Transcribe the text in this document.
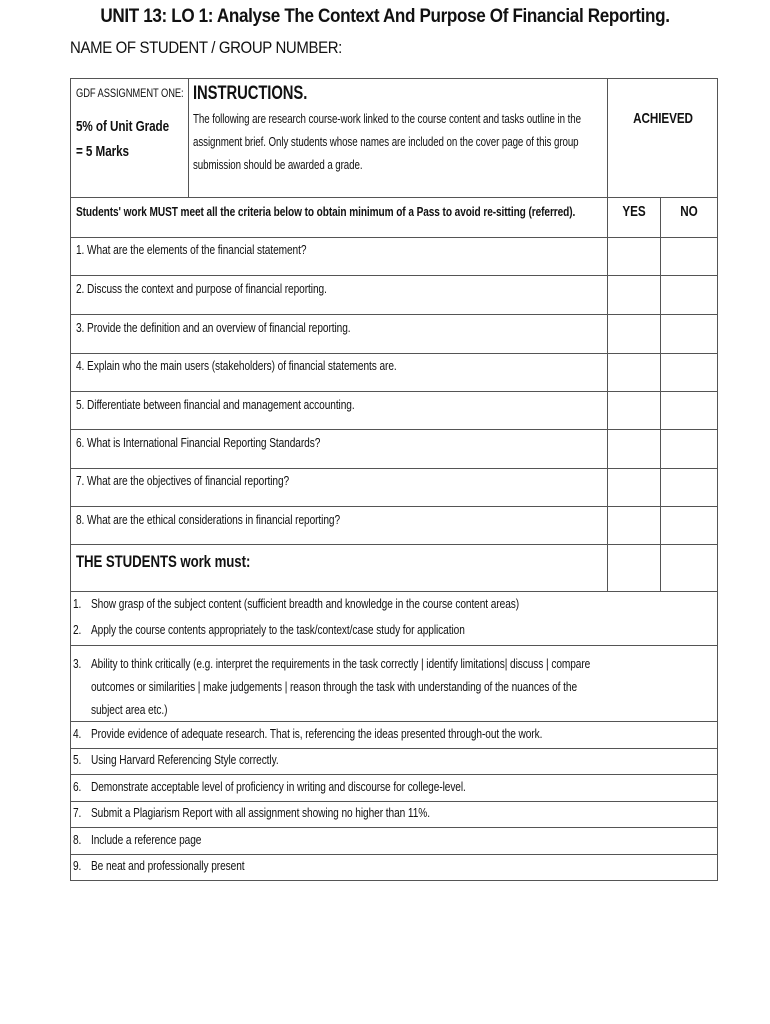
UNIT 13: LO 1: Analyse The Context And Purpose Of Financial Reporting.
NAME OF STUDENT / GROUP NUMBER:
GDF ASSIGNMENT ONE:
5% of Unit Grade
= 5 Marks
INSTRUCTIONS.
The following are research course-work linked to the course content and tasks outline in the
assignment brief. Only students whose names are included on the cover page of this group
submission should be awarded a grade.
ACHIEVED
Students' work MUST meet all the criteria below to obtain minimum of a Pass to avoid re-sitting (referred).	YES	NO
1. What are the elements of the financial statement?
2. Discuss the context and purpose of financial reporting.
3. Provide the definition and an overview of financial reporting.
4. Explain who the main users (stakeholders) of financial statements are.
5. Differentiate between financial and management accounting.
6. What is International Financial Reporting Standards?
7. What are the objectives of financial reporting?
8. What are the ethical considerations in financial reporting?
THE STUDENTS work must:
1. Show grasp of the subject content (sufficient breadth and knowledge in the course content areas)
2. Apply the course contents appropriately to the task/context/case study for application
3. Ability to think critically (e.g. interpret the requirements in the task correctly | identify limitations| discuss | compare
outcomes or similarities | make judgements | reason through the task with understanding of the nuances of the
subject area etc.)
4. Provide evidence of adequate research. That is, referencing the ideas presented through-out the work.
5. Using Harvard Referencing Style correctly.
6. Demonstrate acceptable level of proficiency in writing and discourse for college-level.
7. Submit a Plagiarism Report with all assignment showing no higher than 11%.
8. Include a reference page
9. Be neat and professionally present
